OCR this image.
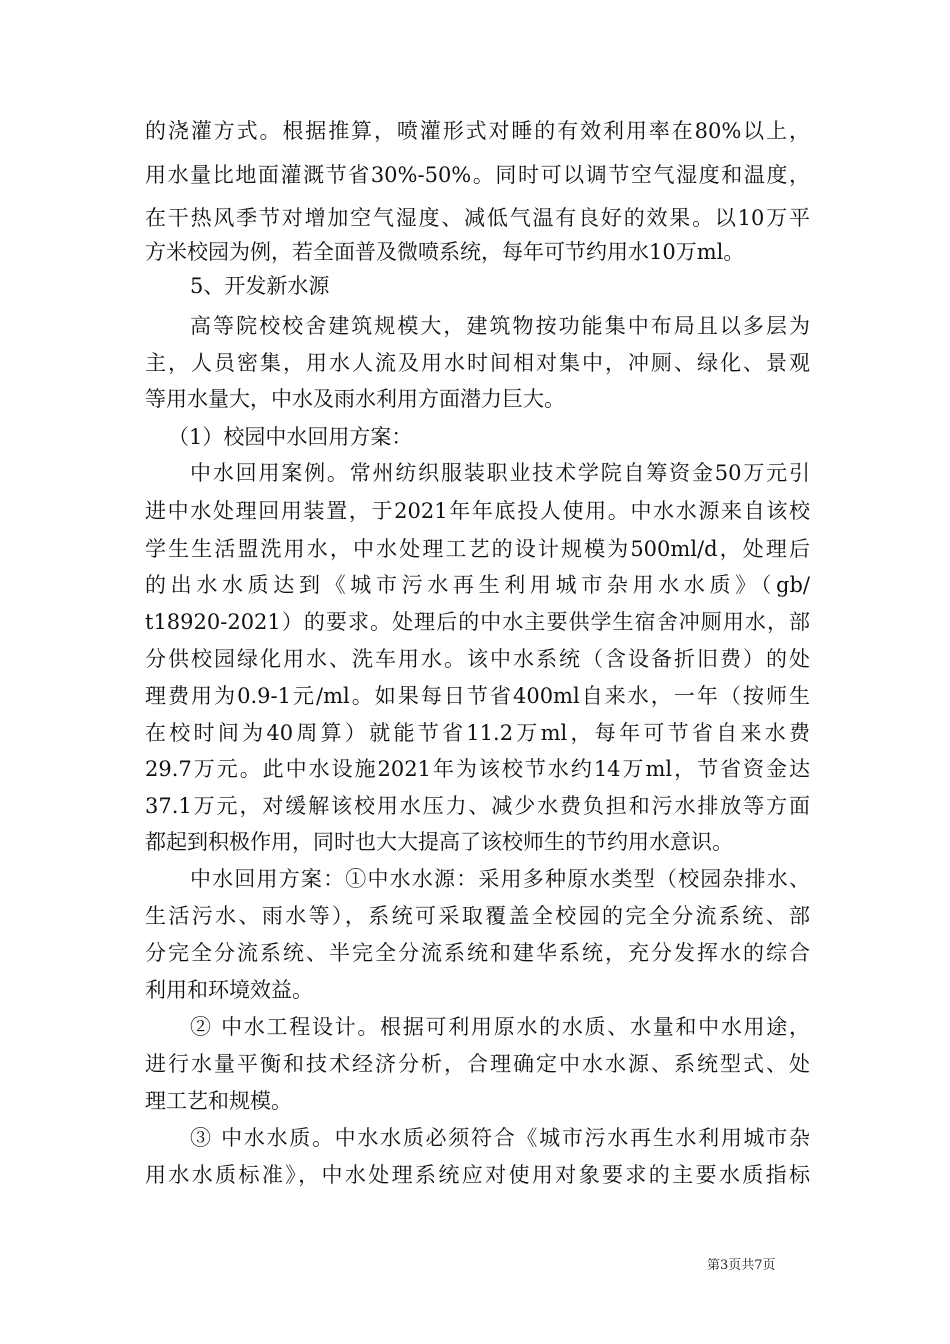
的浇灌方式。根据推算，喷灌形式对睡的有效利用率在80%以上，
用水量比地面灌溉节省30%-50%。同时可以调节空气湿度和温度，
在干热风季节对增加空气湿度、减低气温有良好的效果。以10万平
方米校园为例，若全面普及微喷系统，每年可节约用水10万ml。
5、开发新水源
高等院校校舍建筑规模大，建筑物按功能集中布局且以多层为
主，人员密集，用水人流及用水时间相对集中，冲厕、绿化、景观
等用水量大，中水及雨水利用方面潜力巨大。
（1）校园中水回用方案：
中水回用案例。常州纺织服装职业技术学院自筹资金50万元引
进中水处理回用装置，于2021年年底投人使用。中水水源来自该校
学生生活盟洗用水，中水处理工艺的设计规模为500ml/d，处理后
的出水水质达到《城市污水再生利用城市杂用水水质》（gb/
t18920-2021）的要求。处理后的中水主要供学生宿舍冲厕用水，部
分供校园绿化用水、洗车用水。该中水系统（含设备折旧费）的处
理费用为0.9-1元/ml。如果每日节省400ml自来水，一年（按师生
在校时间为40周算）就能节省11.2万ml，每年可节省自来水费
29.7万元。此中水设施2021年为该校节水约14万ml，节省资金达
37.1万元，对缓解该校用水压力、减少水费负担和污水排放等方面
都起到积极作用，同时也大大提高了该校师生的节约用水意识。
中水回用方案：①中水水源：采用多种原水类型（校园杂排水、
生活污水、雨水等），系统可采取覆盖全校园的完全分流系统、部
分完全分流系统、半完全分流系统和建华系统，充分发挥水的综合
利用和环境效益。
② 中水工程设计。根据可利用原水的水质、水量和中水用途，
进行水量平衡和技术经济分析，合理确定中水水源、系统型式、处
理工艺和规模。
③ 中水水质。中水水质必须符合《城市污水再生水利用城市杂
用水水质标准》，中水处理系统应对使用对象要求的主要水质指标
第3页共7页
